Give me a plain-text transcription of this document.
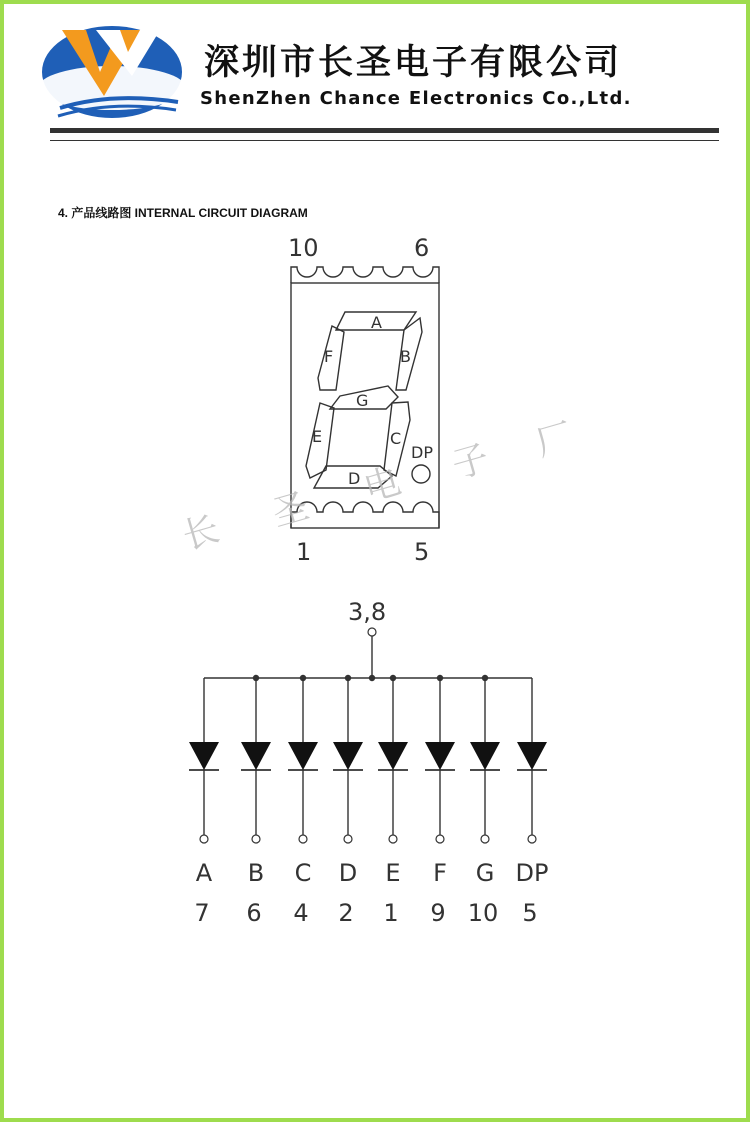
深圳市长圣电子有限公司
ShenZhen Chance Electronics Co.,Ltd.
4. 产品线路图 INTERNAL CIRCUIT DIAGRAM
10	6
1	5
A
B
F
G
C
E
D
DP
长 圣
电 子 厂
3,8
A
7
B
6
C
4
D
2
E
1
F
9
G
10
DP
5
